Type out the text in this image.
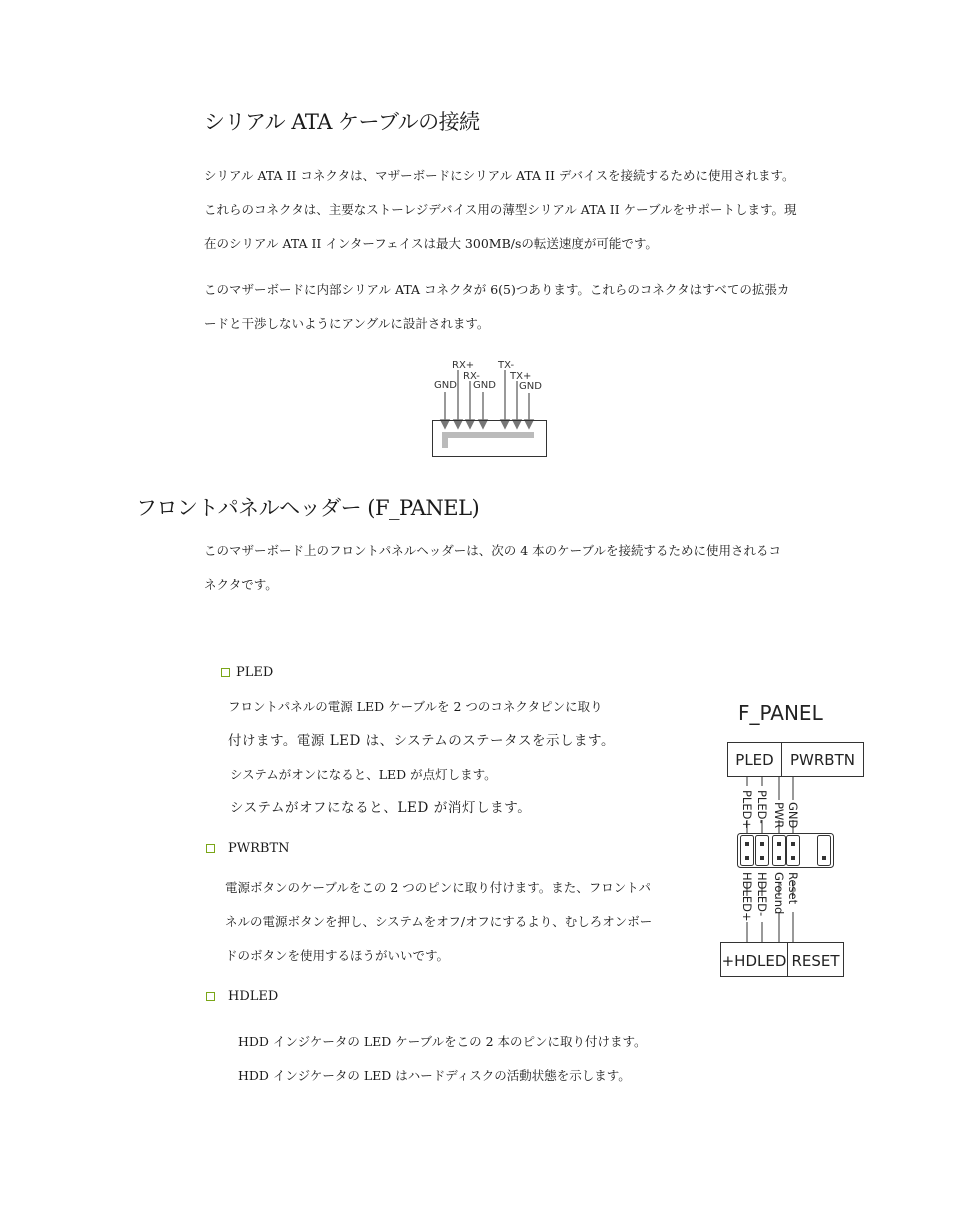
シリアル ATA ケーブルの接続
シリアル ATA II コネクタは、マザーボードにシリアル ATA II デバイスを接続するために使用されます。
これらのコネクタは、主要なストーレジデバイス用の薄型シリアル ATA II ケーブルをサポートします。現
在のシリアル ATA II インターフェイスは最大 300MB/sの転送速度が可能です。
このマザーボードに内部シリアル ATA コネクタが 6(5)つあります。これらのコネクタはすべての拡張カ
ードと干渉しないようにアングルに設計されます。
GND
RX+
RX-
GND
TX-
TX+
GND
フロントパネルヘッダー (F_PANEL)
このマザーボード上のフロントパネルヘッダーは、次の 4 本のケーブルを接続するために使用されるコ
ネクタです。
PLED
フロントパネルの電源 LED ケーブルを 2 つのコネクタピンに取り
付けます。電源 LED は、システムのステータスを示します。
システムがオンになると、LED が点灯します。
システムがオフになると、LED が消灯します。
PWRBTN
電源ボタンのケーブルをこの 2 つのピンに取り付けます。また、フロントパ
ネルの電源ボタンを押し、システムをオフ/オフにするより、むしろオンボー
ドのボタンを使用するほうがいいです。
HDLED
HDD インジケータの LED ケーブルをこの 2 本のピンに取り付けます。
HDD インジケータの LED はハードディスクの活動状態を示します。
F_PANEL
PLED PWRBTN
PLED+ PLED- PWR GND
HDLED+ HDLED- Ground Reset
+HDLED RESET
